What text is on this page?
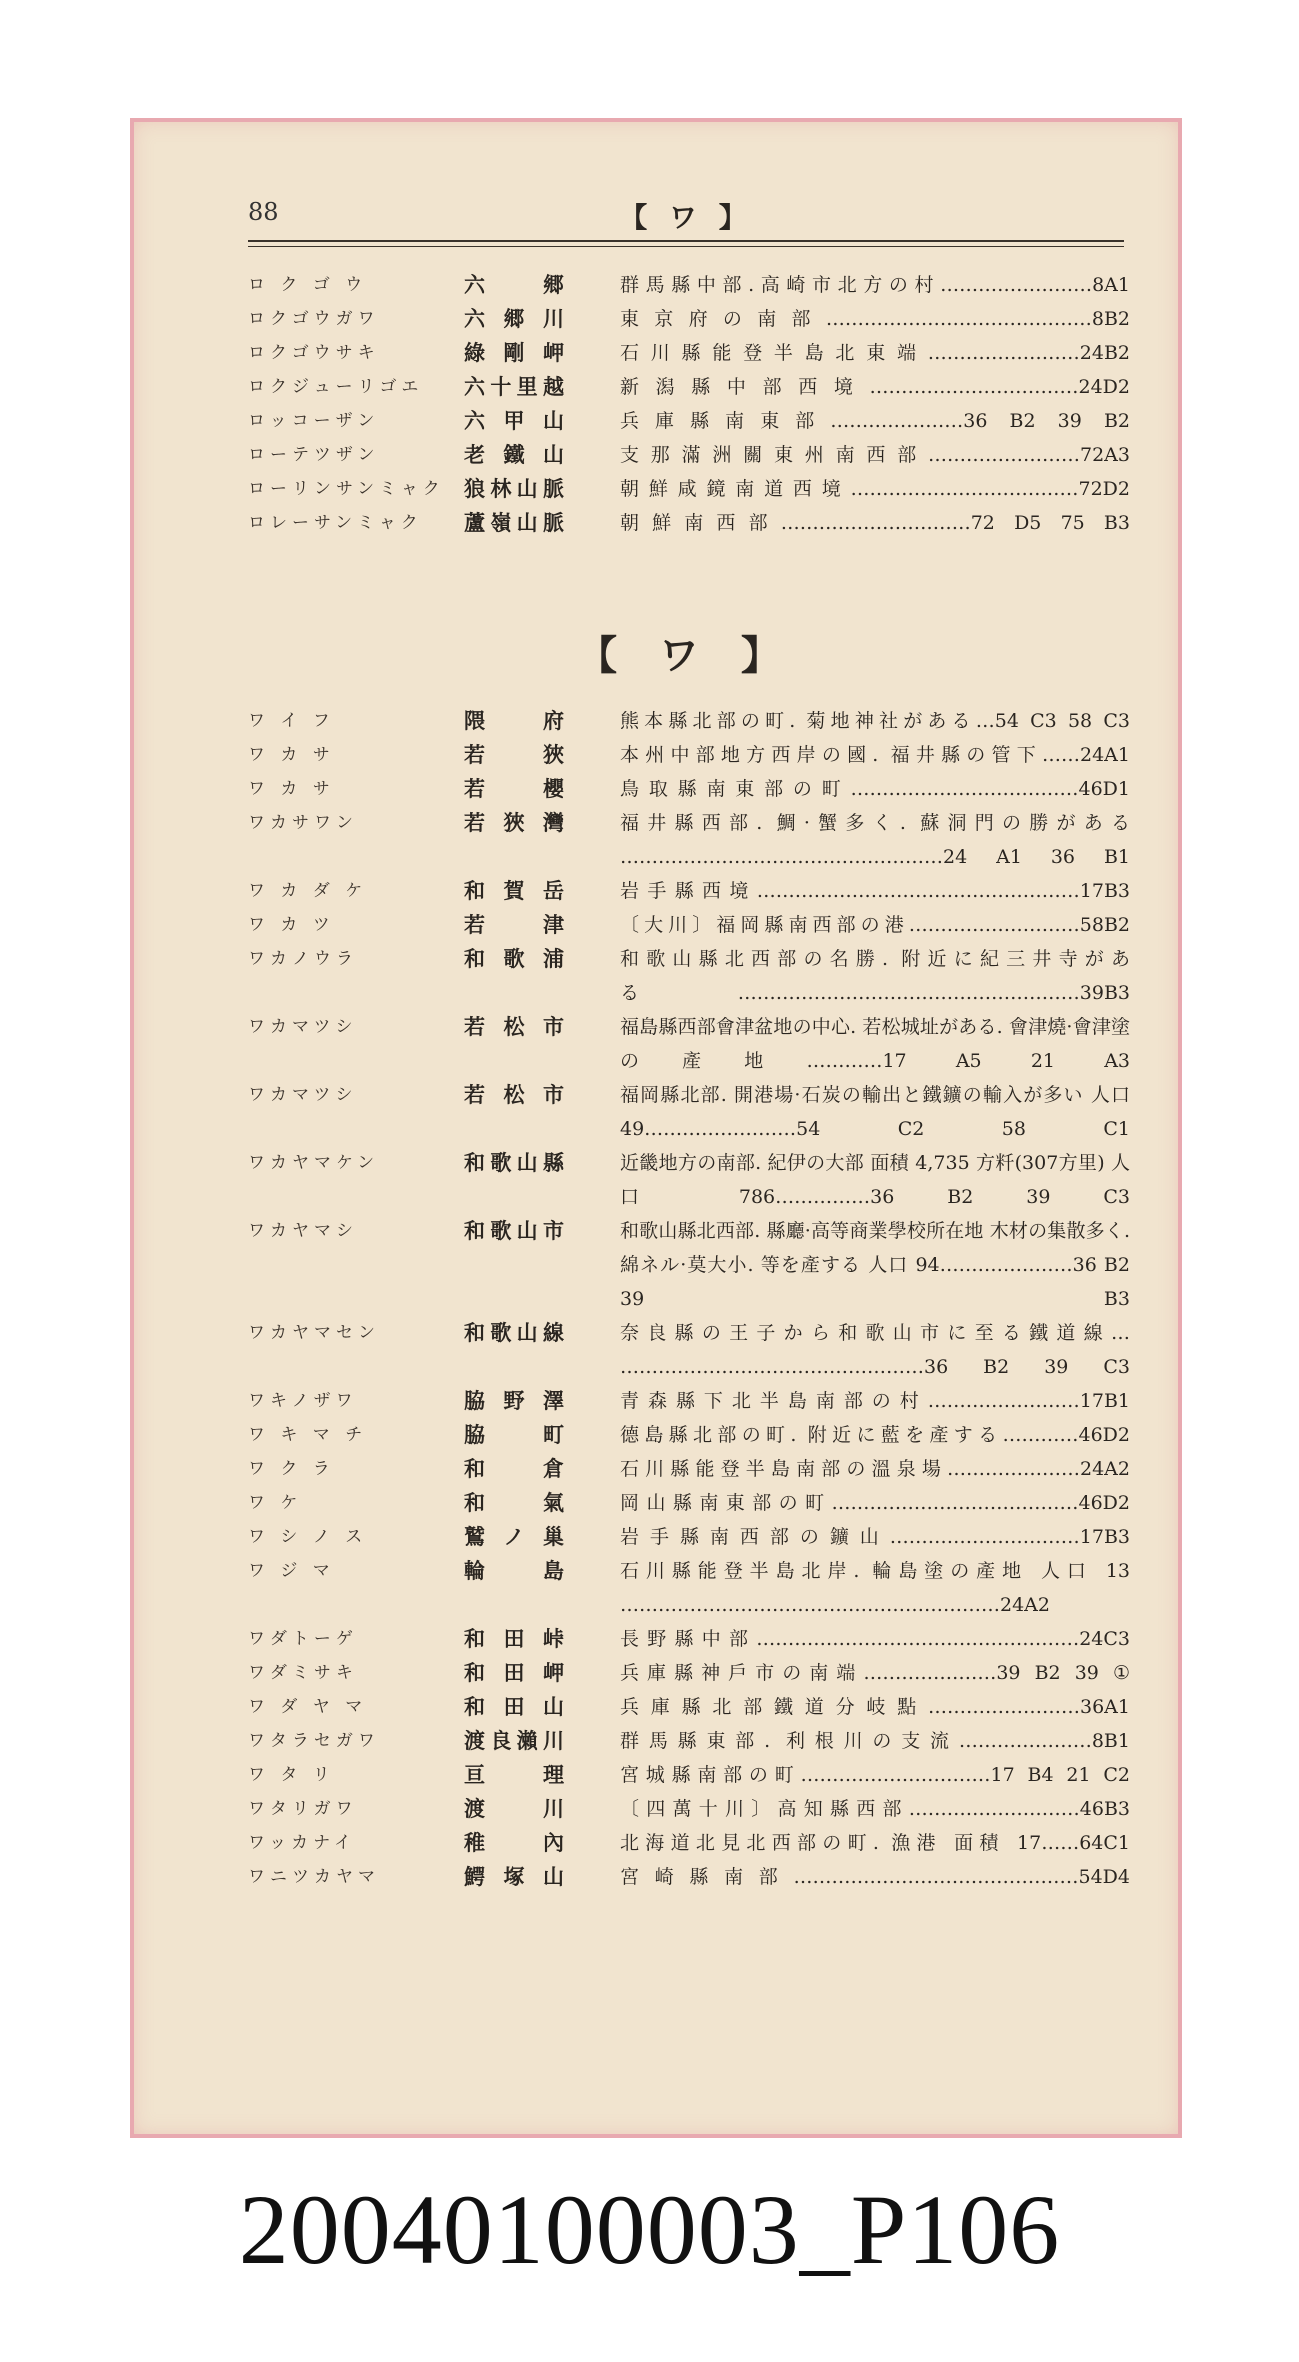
88	【 ワ 】
ロ ク ゴ ウ	六 郷	群馬縣中部.高崎市北方の村……………………8A1
ロクゴウガワ	六郷川	東京府の南部……………………………………8B2
ロクゴウサキ	綠剛岬	石川縣能登半島北東端……………………24B2
ロクジューリゴエ	六十里越	新潟縣中部西境……………………………24D2
ロッコーザン	六甲山	兵庫縣南東部…………………36 B2 39 B2
ローテツザン	老鐵山	支那滿洲關東州南西部……………………72A3
ローリンサンミャク 狼林山脈	朝鮮咸鏡南道西境………………………………72D2
ロレーサンミャク	蘆嶺山脈	朝鮮南西部…………………………72 D5 75 B3
【 ワ 】
ワ イ フ	隈 府	熊本縣北部の町. 菊地神社がある…54 C3 58 C3
ワ カ サ	若 狹	本州中部地方西岸の國. 福井縣の管下……24A1
ワ カ サ	若 櫻	鳥取縣南東部の町………………………………46D1
ワカサワン	若狹灣	福井縣西部. 鯛·蟹多く. 蘇洞門の勝がある ……………………………………………24 A1 36 B1
ワ カ ダ ケ	和賀岳	岩手縣西境……………………………………………17B3
ワ カ ツ	若 津	〔大川〕福岡縣南西部の港………………………58B2
ワカノウラ	和歌浦	和歌山縣北西部の名勝. 附近に紀三井寺がある………………………………………………39B3
ワカマツシ	若松市	福島縣西部會津盆地の中心. 若松城址がある. 會津燒·會津塗の產地…………17 A5 21 A3
ワカマツシ	若松市	福岡縣北部. 開港場·石炭の輸出と鐵鑛の輸入が多い 人口 49……………………54 C2 58 C1
ワカヤマケン	和歌山縣	近畿地方の南部. 紀伊の大部 面積 4,735 方粁(307方里) 人口 786……………36 B2 39 C3
ワカヤマシ	和歌山市	和歌山縣北西部. 縣廳·高等商業學校所在地 木材の集散多く. 綿ネル·莫大小. 等を產する 人口 94…………………36 B2 39 B3
ワカヤマセン	和歌山線	奈良縣の王子から和歌山市に至る鐵道線… …………………………………………36 B2 39 C3
ワキノザワ	脇野澤	青森縣下北半島南部の村……………………17B1
ワ キ マ チ	脇 町	德島縣北部の町. 附近に藍を產する…………46D2
ワ ク ラ	和 倉	石川縣能登半島南部の溫泉場…………………24A2
ワ ケ	和 氣	岡山縣南東部の町…………………………………46D2
ワ シ ノ ス	鷲ノ巢	岩手縣南西部の鑛山…………………………17B3
ワ ジ マ	輪 島	石川縣能登半島北岸. 輪島塗の產地 人口 13 ……………………………………………………24A2
ワダトーゲ	和田峠	長野縣中部……………………………………………24C3
ワダミサキ	和田岬	兵庫縣神戶市の南端…………………39 B2 39 ①
ワ ダ ヤ マ	和田山	兵庫縣北部鐵道分岐點……………………36A1
ワタラセガワ	渡良瀨川	群馬縣東部. 利根川の支流…………………8B1
ワ タ リ	亘 理	宮城縣南部の町…………………………17 B4 21 C2
ワタリガワ	渡 川	〔四萬十川〕高知縣西部………………………46B3
ワッカナイ	稚 內	北海道北見北西部の町. 漁港 面積 17……64C1
ワニツカヤマ	鰐塚山	宮崎縣南部………………………………………54D4
20040100003_P106
